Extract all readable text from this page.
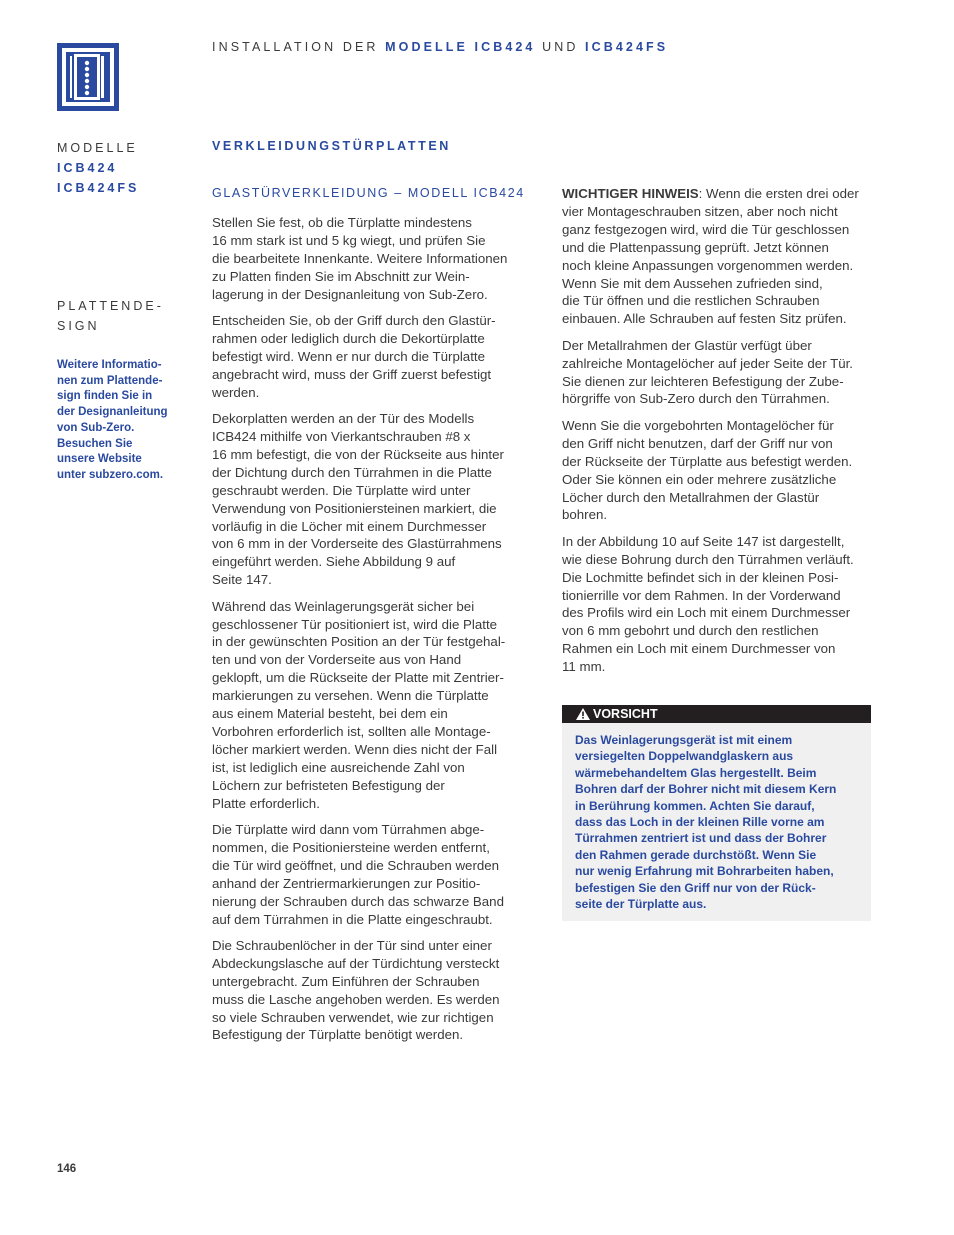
INSTALLATION DER MODELLE ICB424 UND ICB424FS
MODELLE
ICB424
ICB424FS
PLATTENDE-
SIGN
Weitere Informatio-
nen zum Plattende-
sign finden Sie in
der Designanleitung
von Sub-Zero.
Besuchen Sie
unsere Website
unter subzero.com.
VERKLEIDUNGSTÜRPLATTEN
GLASTÜRVERKLEIDUNG – MODELL ICB424

Stellen Sie fest, ob die Türplatte mindestens
16 mm stark ist und 5 kg wiegt, und prüfen Sie
die bearbeitete Innenkante. Weitere Informationen
zu Platten finden Sie im Abschnitt zur Wein-
lagerung in der Designanleitung von Sub-Zero.

Entscheiden Sie, ob der Griff durch den Glastür-
rahmen oder lediglich durch die Dekortürplatte
befestigt wird. Wenn er nur durch die Türplatte
angebracht wird, muss der Griff zuerst befestigt
werden.

Dekorplatten werden an der Tür des Modells
ICB424 mithilfe von Vierkantschrauben #8 x
16 mm befestigt, die von der Rückseite aus hinter
der Dichtung durch den Türrahmen in die Platte
geschraubt werden. Die Türplatte wird unter
Verwendung von Positioniersteinen markiert, die
vorläufig in die Löcher mit einem Durchmesser
von 6 mm in der Vorderseite des Glastürrahmens
eingeführt werden. Siehe Abbildung 9 auf
Seite 147.

Während das Weinlagerungsgerät sicher bei
geschlossener Tür positioniert ist, wird die Platte
in der gewünschten Position an der Tür festgehal-
ten und von der Vorderseite aus von Hand
geklopft, um die Rückseite der Platte mit Zentrier-
markierungen zu versehen. Wenn die Türplatte
aus einem Material besteht, bei dem ein
Vorbohren erforderlich ist, sollten alle Montage-
löcher markiert werden. Wenn dies nicht der Fall
ist, ist lediglich eine ausreichende Zahl von
Löchern zur befristeten Befestigung der
Platte erforderlich.

Die Türplatte wird dann vom Türrahmen abge-
nommen, die Positioniersteine werden entfernt,
die Tür wird geöffnet, und die Schrauben werden
anhand der Zentriermarkierungen zur Positio-
nierung der Schrauben durch das schwarze Band
auf dem Türrahmen in die Platte eingeschraubt.

Die Schraubenlöcher in der Tür sind unter einer
Abdeckungslasche auf der Türdichtung versteckt
untergebracht. Zum Einführen der Schrauben
muss die Lasche angehoben werden. Es werden
so viele Schrauben verwendet, wie zur richtigen
Befestigung der Türplatte benötigt werden.

WICHTIGER HINWEIS: Wenn die ersten drei oder
vier Montageschrauben sitzen, aber noch nicht
ganz festgezogen wird, wird die Tür geschlossen
und die Plattenpassung geprüft. Jetzt können
noch kleine Anpassungen vorgenommen werden.
Wenn Sie mit dem Aussehen zufrieden sind,
die Tür öffnen und die restlichen Schrauben
einbauen. Alle Schrauben auf festen Sitz prüfen.

Der Metallrahmen der Glastür verfügt über
zahlreiche Montagelöcher auf jeder Seite der Tür.
Sie dienen zur leichteren Befestigung der Zube-
hörgriffe von Sub-Zero durch den Türrahmen.

Wenn Sie die vorgebohrten Montagelöcher für
den Griff nicht benutzen, darf der Griff nur von
der Rückseite der Türplatte aus befestigt werden.
Oder Sie können ein oder mehrere zusätzliche
Löcher durch den Metallrahmen der Glastür
bohren.

In der Abbildung 10 auf Seite 147 ist dargestellt,
wie diese Bohrung durch den Türrahmen verläuft.
Die Lochmitte befindet sich in der kleinen Posi-
tionierrille vor dem Rahmen. In der Vorderwand
des Profils wird ein Loch mit einem Durchmesser
von 6 mm gebohrt und durch den restlichen
Rahmen ein Loch mit einem Durchmesser von
11 mm.

VORSICHT
Das Weinlagerungsgerät ist mit einem
versiegelten Doppelwandglaskern aus
wärmebehandeltem Glas hergestellt. Beim
Bohren darf der Bohrer nicht mit diesem Kern
in Berührung kommen. Achten Sie darauf,
dass das Loch in der kleinen Rille vorne am
Türrahmen zentriert ist und dass der Bohrer
den Rahmen gerade durchstößt. Wenn Sie
nur wenig Erfahrung mit Bohrarbeiten haben,
befestigen Sie den Griff nur von der Rück-
seite der Türplatte aus.
146
